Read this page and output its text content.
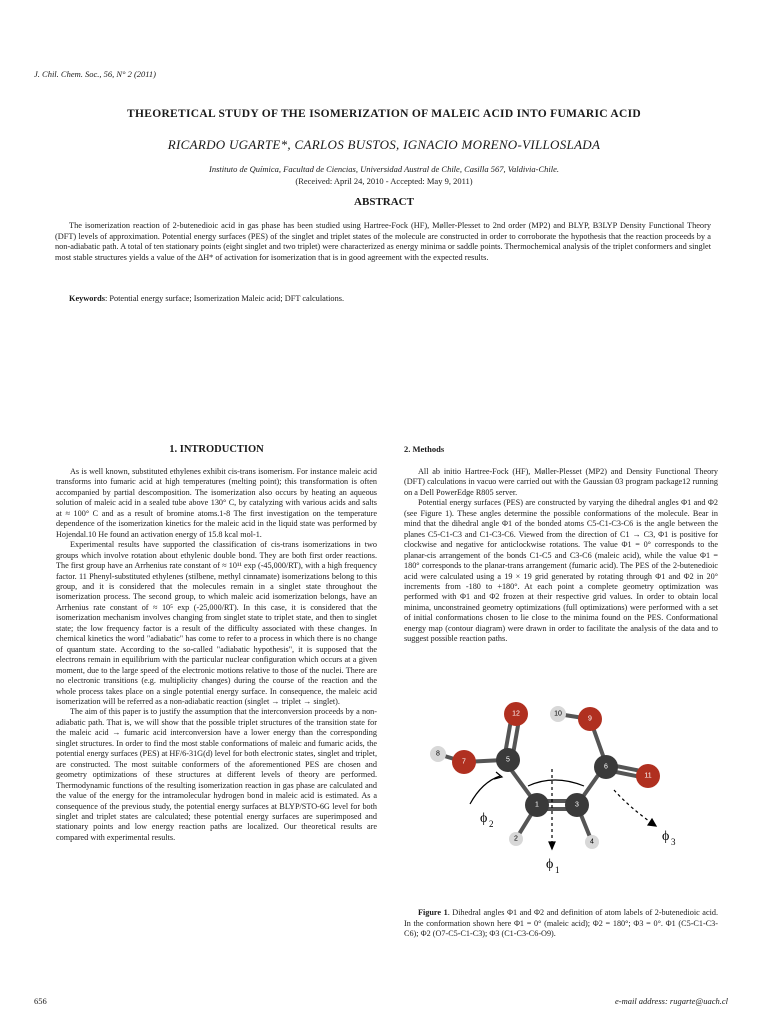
J. Chil. Chem. Soc., 56, N° 2 (2011)
THEORETICAL STUDY OF THE ISOMERIZATION OF MALEIC ACID INTO FUMARIC ACID
RICARDO UGARTE*, CARLOS BUSTOS, IGNACIO MORENO-VILLOSLADA
Instituto de Química, Facultad de Ciencias, Universidad Austral de Chile, Casilla 567, Valdivia-Chile.
(Received: April 24, 2010 - Accepted: May 9, 2011)
ABSTRACT

The isomerization reaction of 2-butenedioic acid in gas phase has been studied using Hartree-Fock (HF), Møller-Plesset to 2nd order (MP2) and BLYP, B3LYP Density Functional Theory (DFT) levels of approximation. Potential energy surfaces (PES) of the singlet and triplet states of the molecule are constructed in order to corroborate the hypothesis that the reaction proceeds by a non-adiabatic path. A total of ten stationary points (eight singlet and two triplet) were characterized as energy minima or saddle points. Thermochemical analysis of the triplet conformers and singlet most stable structures yields a value of the ΔH* of activation for isomerization that is in good agreement with the expected results.

Keywords: Potential energy surface; Isomerization Maleic acid; DFT calculations.
1. INTRODUCTION

As is well known, substituted ethylenes exhibit cis-trans isomerism. For instance maleic acid transforms into fumaric acid at high temperatures (melting point); this transformation is often accompanied by partial descomposition. The isomerization also occurs by heating an aqueous solution of maleic acid in a sealed tube above 130° C, by catalyzing with various acids and salts at ≈ 100° C and as a result of bromine atoms.1-8 The first investigation on the temperature dependence of the isomerization kinetics for the maleic acid in the liquid state was performed by Hojendal.10 He found an activation energy of 15.8 kcal mol-1.

Experimental results have supported the classification of cis-trans isomerizations in two groups which involve rotation about ethylenic double bond. They are both first order reactions. The first group have an Arrhenius rate constant of ≈ 10¹¹ exp (-45,000/RT), with a high frequency factor. 11 Phenyl-substituted ethylenes (stilbene, methyl cinnamate) isomerizations belong to this group, and it is considered that the molecules remain in a singlet state throughout the isomerization process. The second group, to which maleic acid isomerization belongs, have an Arrhenius rate constant of ≈ 10⁵ exp (-25,000/RT). In this case, it is considered that the isomerization mechanism involves changing from singlet state to triplet state, and then to singlet state; the low frequency factor is a result of the difficulty associated with these changes. In chemical kinetics the word "adiabatic" has come to refer to a process in which there is no change of quantum state. According to the so-called "adiabatic hypothesis", it is supposed that the electrons remain in equilibrium with the particular nuclear configuration which occurs at a given moment, due to the large speed of the electronic motions relative to those of the nuclei. There are no electronic transitions (e.g. multiplicity changes) during the course of the reaction and the whole process takes place on a single potential energy surface. In consequence, the maleic acid isomerization will be referred as a non-adiabatic reaction (singlet → triplet → singlet).

The aim of this paper is to justify the assumption that the interconversion proceeds by a non-adiabatic path. That is, we will show that the possible triplet structures of the transition state for the maleic acid → fumaric acid interconversion have a lower energy than the corresponding singlet structures. In order to find the most stable conformations of maleic and fumaric acids, the potential energy surfaces (PES) at HF/6-31G(d) level for both electronic states, singlet and triplet, are constructed. The most suitable conformers of the aforementioned PES are chosen and geometry optimizations of these structures at different levels of theory are performed. Thermodynamic functions of the resulting isomerization reaction in gas phase are calculated and the value of the energy for the intramolecular hydrogen bond in maleic acid is estimated. As a consequence of the previous study, the potential energy surfaces at BLYP/STO-6G level for both singlet and triplet states are calculated; these potential energy surfaces are superimposed and stationary points and low energy reaction paths are localized. Our theoretical results are compared with experimental results.

2. Methods

All ab initio Hartree-Fock (HF), Møller-Plesset (MP2) and Density Functional Theory (DFT) calculations in vacuo were carried out with the Gaussian 03 program package12 running on a Dell PowerEdge R805 server.

Potential energy surfaces (PES) are constructed by varying the dihedral angles Φ1 and Φ2 (see Figure 1). These angles determine the possible conformations of the molecule. Bear in mind that the dihedral angle Φ1 of the bonded atoms C5-C1-C3-C6 is the angle between the planes C5-C1-C3 and C1-C3-C6. Viewed from the direction of C1 → C3, Φ1 is positive for clockwise and negative for anticlockwise rotations. The value Φ1 = 0° corresponds to the planar-cis arrangement of the bonds C1-C5 and C3-C6 (maleic acid), while the value Φ1 = 180° corresponds to the planar-trans arrangement (fumaric acid). The PES of the 2-butenedioic acid were calculated using a 19 × 19 grid generated by rotating through Φ1 and Φ2 in 20° increments from -180 to +180°. At each point a complete geometry optimization was performed with Φ1 and Φ2 frozen at their respective grid values. In order to obtain local minima, unconstrained geometry optimizations (full optimizations) were performed with a set of initial conformations chosen to lie close to the minima found on the PES. Conformational energy map (contour diagram) were drawn in order to facilitate the analysis of the data and to suggest possible reaction paths.

1
2
3
4
5
6
7
8
9
10
11
12
ϕ 2
ϕ 1
ϕ 3
Figure 1. Dihedral angles Φ1 and Φ2 and definition of atom labels of 2-butenedioic acid. In the conformation shown here Φ1 = 0° (maleic acid); Φ2 = 180°; Φ3 = 0°. Φ1 (C5-C1-C3-C6); Φ2 (O7-C5-C1-C3); Φ3 (C1-C3-C6-O9).
656	e-mail address: rugarte@uach.cl
